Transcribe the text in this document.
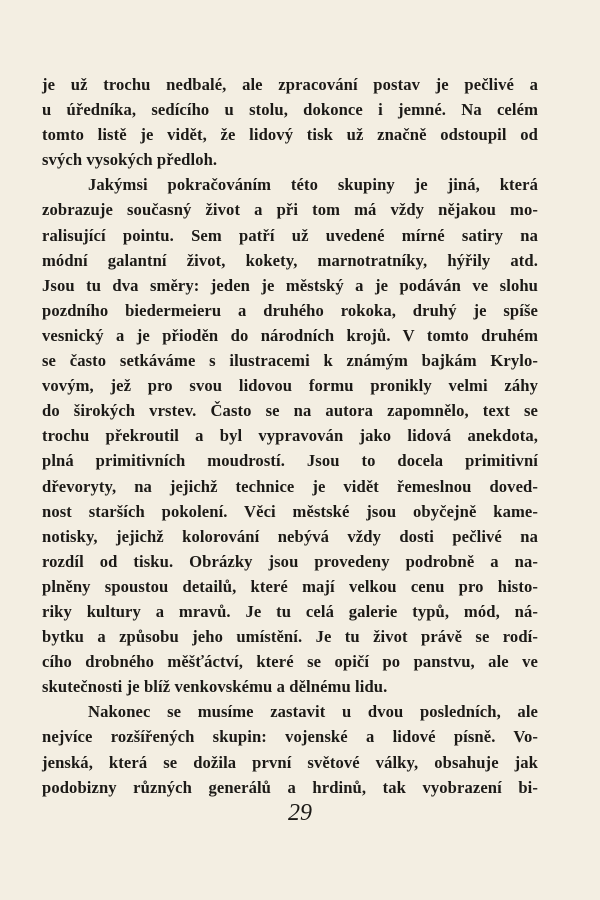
je už trochu nedbalé, ale zpracování postav je pečlivé a
u úředníka, sedícího u stolu, dokonce i jemné. Na celém
tomto listě je vidět, že lidový tisk už značně odstoupil od
svých vysokých předloh.
Jakýmsi pokračováním této skupiny je jiná, která
zobrazuje současný život a při tom má vždy nějakou mo-
ralisující pointu. Sem patří už uvedené mírné satiry na
módní galantní život, kokety, marnotratníky, hýřily atd.
Jsou tu dva směry: jeden je městský a je podáván ve slohu
pozdního biedermeieru a druhého rokoka, druhý je spíše
vesnický a je přioděn do národních krojů. V tomto druhém
se často setkáváme s ilustracemi k známým bajkám Krylo-
vovým, jež pro svou lidovou formu pronikly velmi záhy
do širokých vrstev. Často se na autora zapomnělo, text se
trochu překroutil a byl vypravován jako lidová anekdota,
plná primitivních moudrostí. Jsou to docela primitivní
dřevoryty, na jejichž technice je vidět řemeslnou doved-
nost starších pokolení. Věci městské jsou obyčejně kame-
notisky, jejichž kolorování nebývá vždy dosti pečlivé na
rozdíl od tisku. Obrázky jsou provedeny podrobně a na-
plněny spoustou detailů, které mají velkou cenu pro histo-
riky kultury a mravů. Je tu celá galerie typů, mód, ná-
bytku a způsobu jeho umístění. Je tu život právě se rodí-
cího drobného měšťáctví, které se opičí po panstvu, ale ve
skutečnosti je blíž venkovskému a dělnému lidu.
Nakonec se musíme zastavit u dvou posledních, ale
nejvíce rozšířených skupin: vojenské a lidové písně. Vo-
jenská, která se dožila první světové války, obsahuje jak
podobizny různých generálů a hrdinů, tak vyobrazení bi-
29
